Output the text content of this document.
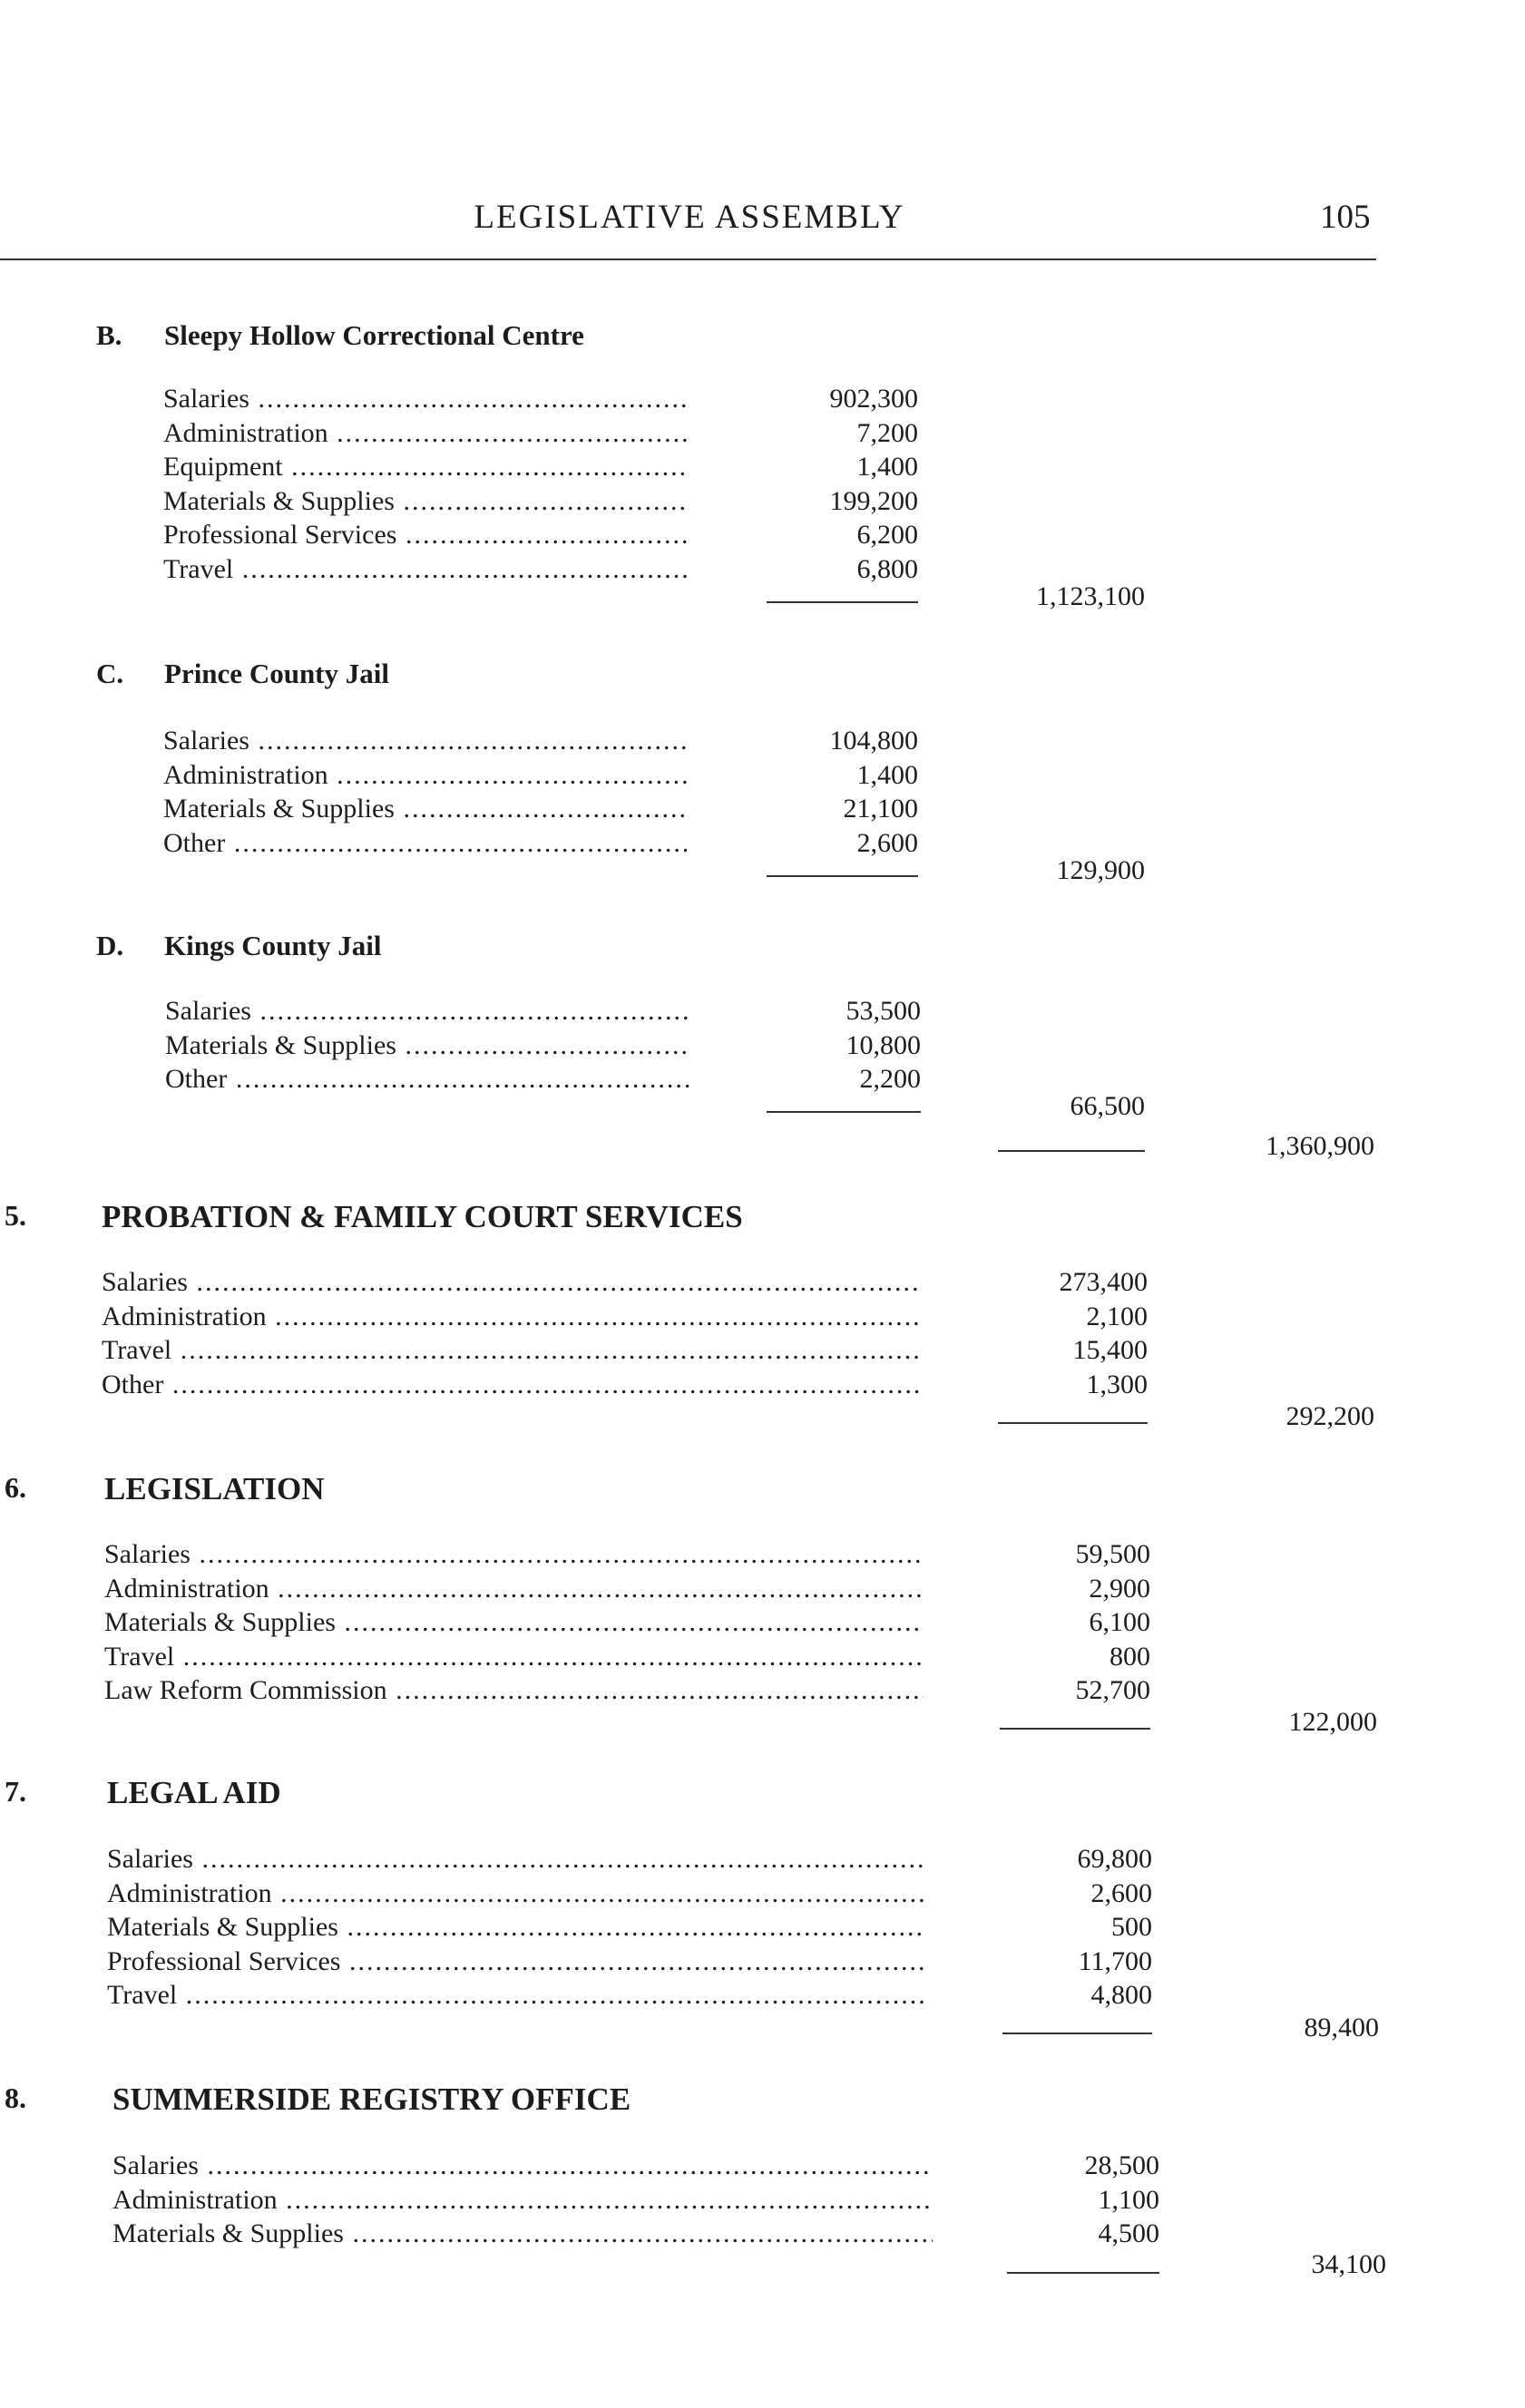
LEGISLATIVE ASSEMBLY	105
B. Sleepy Hollow Correctional Centre
Salaries .....	902,300
Administration .....	7,200
Equipment .....	1,400
Materials & Supplies .....	199,200
Professional Services .....	6,200
Travel .....	6,800
1,123,100
C. Prince County Jail
Salaries .....	104,800
Administration .....	1,400
Materials & Supplies .....	21,100
Other .....	2,600
129,900
D. Kings County Jail
Salaries .....	53,500
Materials & Supplies .....	10,800
Other .....	2,200
66,500
1,360,900
5. PROBATION & FAMILY COURT SERVICES
Salaries .....	273,400
Administration .....	2,100
Travel .....	15,400
Other .....	1,300
292,200
6. LEGISLATION
Salaries .....	59,500
Administration .....	2,900
Materials & Supplies .....	6,100
Travel .....	800
Law Reform Commission .....	52,700
122,000
7.	LEGAL AID
Salaries .....	69,800
Administration .....	2,600
Materials & Supplies .....	500
Professional Services .....	11,700
Travel .....	4,800
89,400
8.	SUMMERSIDE REGISTRY OFFICE
Salaries .....	28,500
Administration .....	1,100
Materials & Supplies .....	4,500
34,100
